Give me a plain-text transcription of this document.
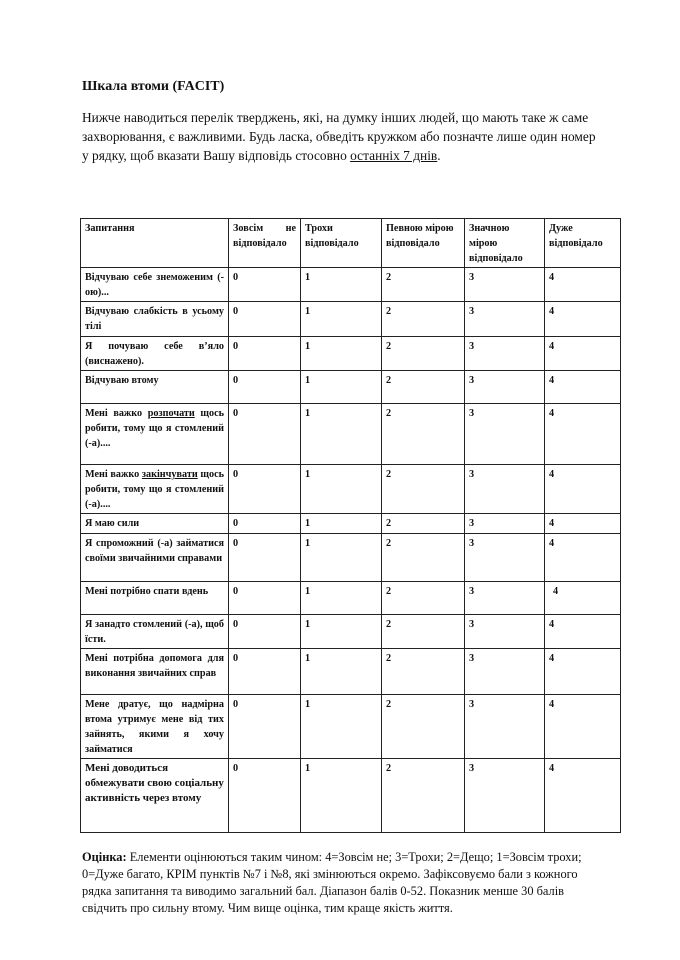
Шкала втоми (FACIT)

Нижче наводиться перелік тверджень, які, на думку інших людей, що мають таке ж саме захворювання, є важливими. Будь ласка, обведіть кружком або позначте лише один номер у рядку, щоб вказати Вашу відповідь стосовно останніх 7 днів.

Запитання	Зовсім не відповідало	Трохи відповідало	Певною мірою відповідало	Значною мірою відповідало	Дуже відповідало
Відчуваю себе знеможеним (-ою)...	0	1	2	3	4
Відчуваю слабкість в усьому тілі	0	1	2	3	4
Я почуваю себе в’яло (виснажено).	0	1	2	3	4
Відчуваю втому	0	1	2	3	4
Мені важко розпочати щось робити, тому що я стомлений (-а)....	0	1	2	3	4
Мені важко закінчувати щось робити, тому що я стомлений (-а)....	0	1	2	3	4
Я маю сили	0	1	2	3	4
Я спроможний (-а) займатися своїми звичайними справами	0	1	2	3	4
Мені потрібно спати вдень	0	1	2	3	4
Я занадто стомлений (-а), щоб їсти.	0	1	2	3	4
Мені потрібна допомога для виконання звичайних справ	0	1	2	3	4
Мене дратує, що надмірна втома утримує мене від тих зайнять, якими я хочу займатися	0	1	2	3	4
Мені доводиться обмежувати свою соціальну активність через втому	0	1	2	3	4

Оцінка: Елементи оцінюються таким чином: 4=Зовсім не; 3=Трохи; 2=Дещо; 1=Зовсім трохи; 0=Дуже багато, КРІМ пунктів №7 і №8, які змінюються окремо. Зафіксовуємо бали з кожного рядка запитання та виводимо загальний бал. Діапазон балів 0-52. Показник менше 30 балів свідчить про сильну втому. Чим вище оцінка, тим краще якість життя.
